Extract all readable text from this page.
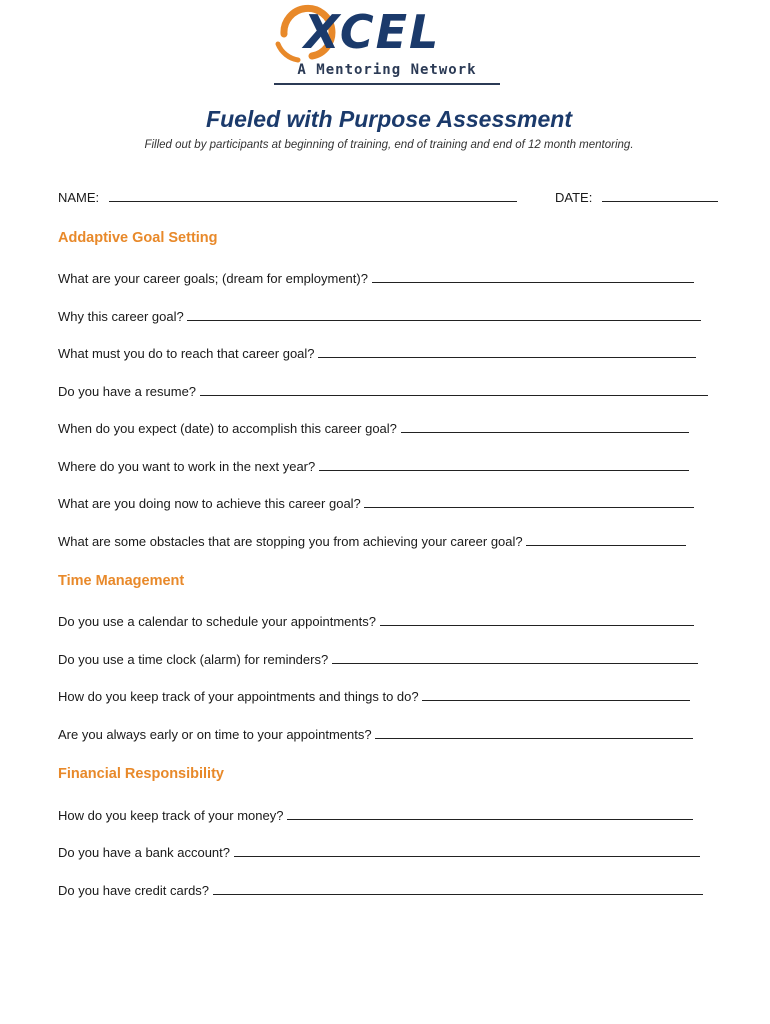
XCEL
A Mentoring Network
Fueled with Purpose Assessment
Filled out by participants at beginning of training, end of training and end of 12 month mentoring.
NAME:	DATE:
Addaptive Goal Setting
What are your career goals; (dream for employment)?
Why this career goal?
What must you do to reach that career goal?
Do you have a resume?
When do you expect (date) to accomplish this career goal?
Where do you want to work in the next year?
What are you doing now to achieve this career goal?
What are some obstacles that are stopping you from achieving your career goal?
Time Management
Do you use a calendar to schedule your appointments?
Do you use a time clock (alarm) for reminders?
How do you keep track of your appointments and things to do?
Are you always early or on time to your appointments?
Financial Responsibility
How do you keep track of your money?
Do you have a bank account?
Do you have credit cards?
